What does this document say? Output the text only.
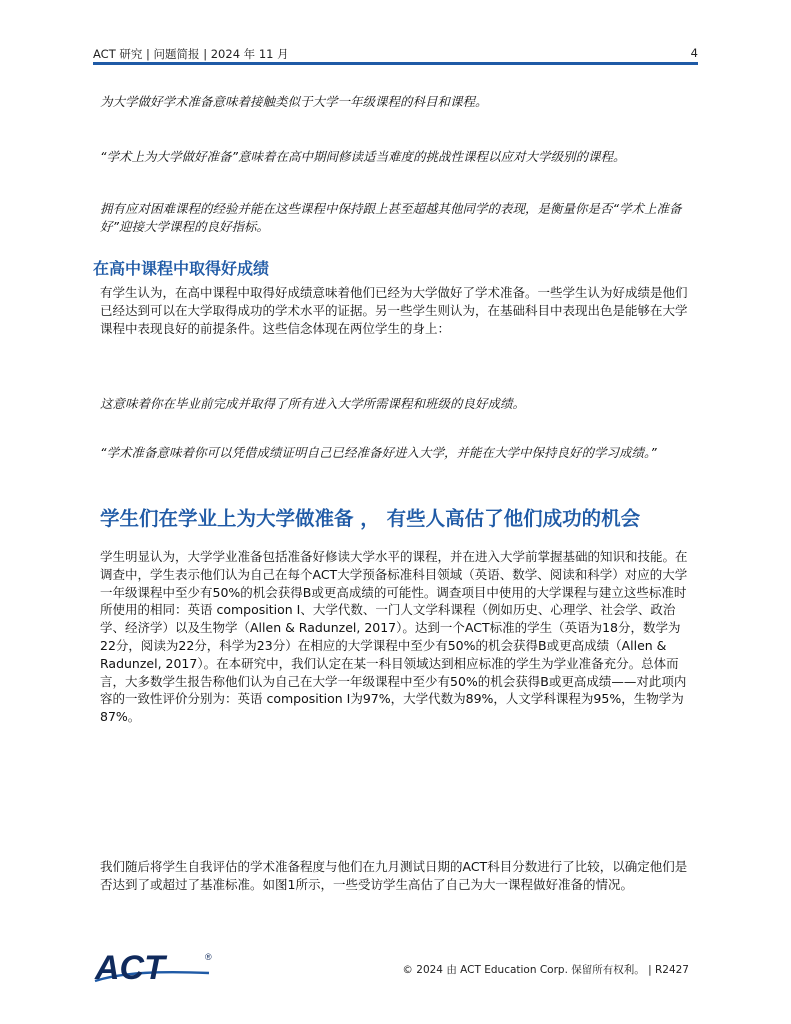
ACT 研究 | 问题简报 | 2024 年 11 月	4

为大学做好学术准备意味着接触类似于大学一年级课程的科目和课程。

“学术上为大学做好准备”意味着在高中期间修读适当难度的挑战性课程以应对大学级别的课程。

拥有应对困难课程的经验并能在这些课程中保持跟上甚至超越其他同学的表现，是衡量你是否“学术上准备好”迎接大学课程的良好指标。

在高中课程中取得好成绩

有学生认为，在高中课程中取得好成绩意味着他们已经为大学做好了学术准备。一些学生认为好成绩是他们已经达到可以在大学取得成功的学术水平的证据。另一些学生则认为，在基础科目中表现出色是能够在大学课程中表现良好的前提条件。这些信念体现在两位学生的身上：

这意味着你在毕业前完成并取得了所有进入大学所需课程和班级的良好成绩。

“学术准备意味着你可以凭借成绩证明自己已经准备好进入大学，并能在大学中保持良好的学习成绩。”

学生们在学业上为大学做准备 ， 有些人高估了他们成功的机会

学生明显认为，大学学业准备包括准备好修读大学水平的课程，并在进入大学前掌握基础的知识和技能。在调查中，学生表示他们认为自己在每个ACT大学预备标准科目领域（英语、数学、阅读和科学）对应的大学一年级课程中至少有50%的机会获得B或更高成绩的可能性。调查项目中使用的大学课程与建立这些标准时所使用的相同：英语 composition I、大学代数、一门人文学科课程（例如历史、心理学、社会学、政治学、经济学）以及生物学（Allen & Radunzel, 2017）。达到一个ACT标准的学生（英语为18分，数学为22分，阅读为22分，科学为23分）在相应的大学课程中至少有50%的机会获得B或更高成绩（Allen & Radunzel, 2017）。在本研究中，我们认定在某一科目领域达到相应标准的学生为学业准备充分。总体而言，大多数学生报告称他们认为自己在大学一年级课程中至少有50%的机会获得B或更高成绩——对此项内容的一致性评价分别为：英语 composition I为97%，大学代数为89%，人文学科课程为95%，生物学为87%。

我们随后将学生自我评估的学术准备程度与他们在九月测试日期的ACT科目分数进行了比较，以确定他们是否达到了或超过了基准标准。如图1所示，一些受访学生高估了自己为大一课程做好准备的情况。

ACT	®
© 2024 由 ACT Education Corp. 保留所有权利。 | R2427
